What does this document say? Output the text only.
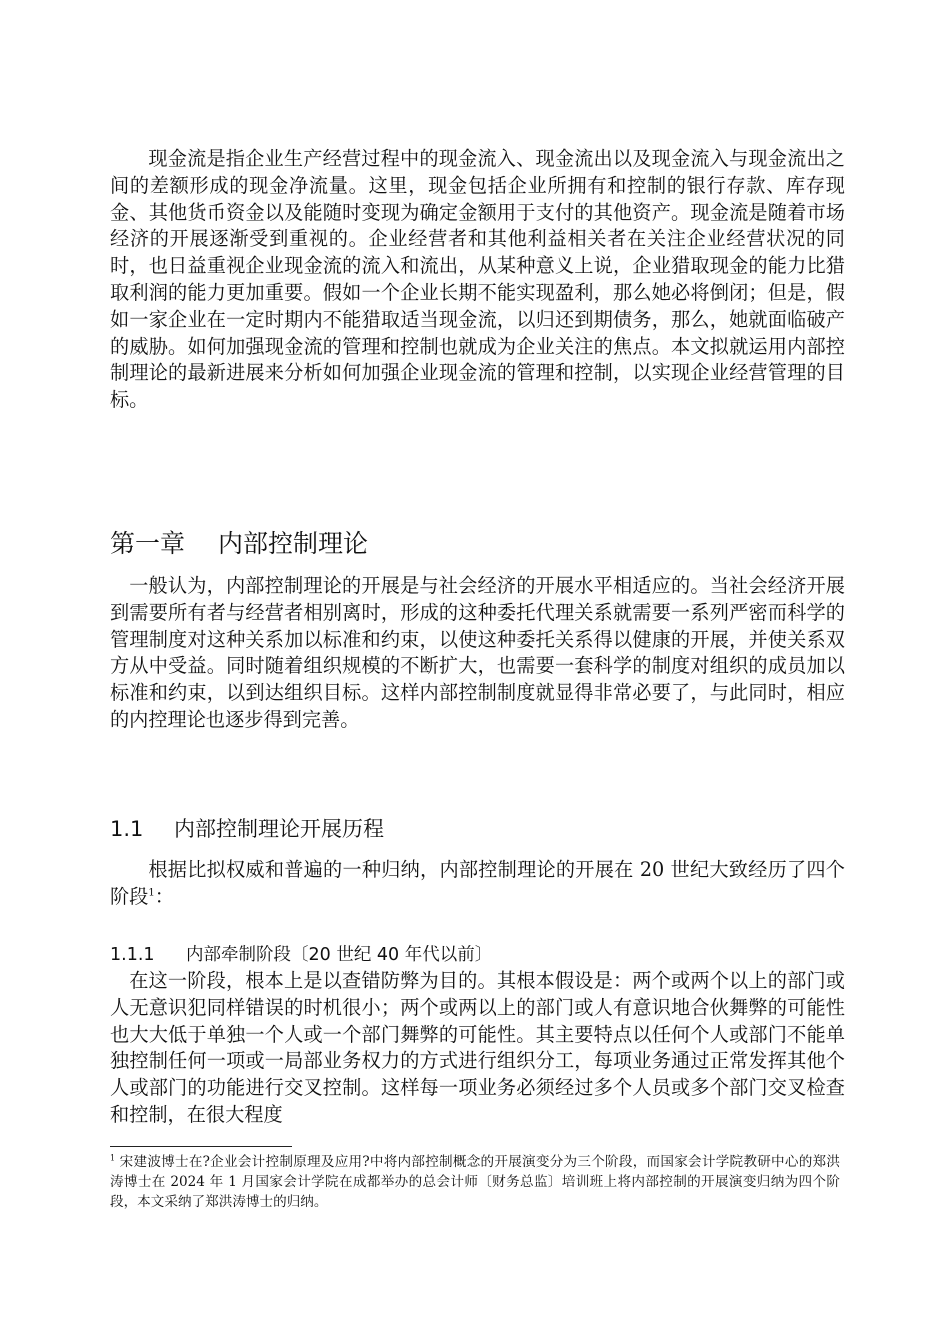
现金流是指企业生产经营过程中的现金流入、现金流出以及现金流入与现金流出之间的差额形成的现金净流量。这里，现金包括企业所拥有和控制的银行存款、库存现金、其他货币资金以及能随时变现为确定金额用于支付的其他资产。现金流是随着市场经济的开展逐渐受到重视的。企业经营者和其他利益相关者在关注企业经营状况的同时，也日益重视企业现金流的流入和流出，从某种意义上说，企业猎取现金的能力比猎取利润的能力更加重要。假如一个企业长期不能实现盈利，那么她必将倒闭；但是，假如一家企业在一定时期内不能猎取适当现金流，以归还到期债务，那么，她就面临破产的威胁。如何加强现金流的管理和控制也就成为企业关注的焦点。本文拟就运用内部控制理论的最新进展来分析如何加强企业现金流的管理和控制，以实现企业经营管理的目标。

第一章 内部控制理论

一般认为，内部控制理论的开展是与社会经济的开展水平相适应的。当社会经济开展到需要所有者与经营者相别离时，形成的这种委托代理关系就需要一系列严密而科学的管理制度对这种关系加以标准和约束，以使这种委托关系得以健康的开展，并使关系双方从中受益。同时随着组织规模的不断扩大，也需要一套科学的制度对组织的成员加以标准和约束，以到达组织目标。这样内部控制制度就显得非常必要了，与此同时，相应的内控理论也逐步得到完善。

1.1 内部控制理论开展历程

根据比拟权威和普遍的一种归纳，内部控制理论的开展在 20 世纪大致经历了四个阶段$^1$：

1.1.1 内部牵制阶段〔20 世纪 40 年代以前〕

在这一阶段，根本上是以查错防弊为目的。其根本假设是：两个或两个以上的部门或人无意识犯同样错误的时机很小；两个或两以上的部门或人有意识地合伙舞弊的可能性也大大低于单独一个人或一个部门舞弊的可能性。其主要特点以任何个人或部门不能单独控制任何一项或一局部业务权力的方式进行组织分工，每项业务通过正常发挥其他个人或部门的功能进行交叉控制。这样每一项业务必须经过多个人员或多个部门交叉检查和控制，在很大程度

$^1$ 宋建波博士在?企业会计控制原理及应用?中将内部控制概念的开展演变分为三个阶段，而国家会计学院教研中心的郑洪涛博士在 2024 年 1 月国家会计学院在成都举办的总会计师〔财务总监〕培训班上将内部控制的开展演变归纳为四个阶段，本文采纳了郑洪涛博士的归纳。
